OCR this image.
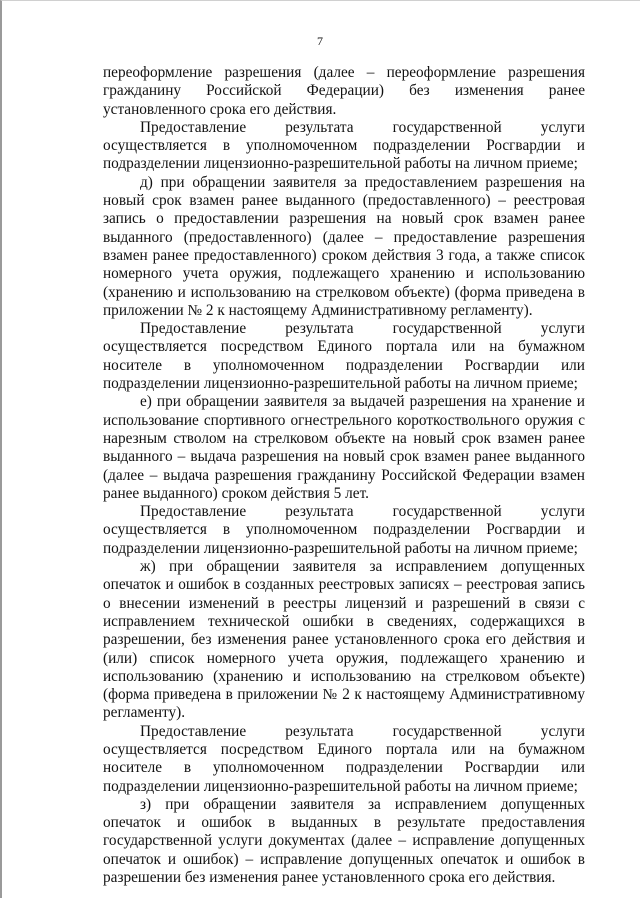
7

переоформление разрешения (далее – переоформление разрешения гражданину Российской Федерации) без изменения ранее установленного срока его действия.

Предоставление результата государственной услуги осуществляется в уполномоченном подразделении Росгвардии и подразделении лицензионно-разрешительной работы на личном приеме;

д) при обращении заявителя за предоставлением разрешения на новый срок взамен ранее выданного (предоставленного) – реестровая запись о предоставлении разрешения на новый срок взамен ранее выданного (предоставленного) (далее – предоставление разрешения взамен ранее предоставленного) сроком действия 3 года, а также список номерного учета оружия, подлежащего хранению и использованию (хранению и использованию на стрелковом объекте) (форма приведена в приложении № 2 к настоящему Административному регламенту).

Предоставление результата государственной услуги осуществляется посредством Единого портала или на бумажном носителе в уполномоченном подразделении Росгвардии или подразделении лицензионно-разрешительной работы на личном приеме;

е) при обращении заявителя за выдачей разрешения на хранение и использование спортивного огнестрельного короткоствольного оружия с нарезным стволом на стрелковом объекте на новый срок взамен ранее выданного – выдача разрешения на новый срок взамен ранее выданного (далее – выдача разрешения гражданину Российской Федерации взамен ранее выданного) сроком действия 5 лет.

Предоставление результата государственной услуги осуществляется в уполномоченном подразделении Росгвардии и подразделении лицензионно-разрешительной работы на личном приеме;

ж) при обращении заявителя за исправлением допущенных опечаток и ошибок в созданных реестровых записях – реестровая запись о внесении изменений в реестры лицензий и разрешений в связи с исправлением технической ошибки в сведениях, содержащихся в разрешении, без изменения ранее установленного срока его действия и (или) список номерного учета оружия, подлежащего хранению и использованию (хранению и использованию на стрелковом объекте) (форма приведена в приложении № 2 к настоящему Административному регламенту).

Предоставление результата государственной услуги осуществляется посредством Единого портала или на бумажном носителе в уполномоченном подразделении Росгвардии или подразделении лицензионно-разрешительной работы на личном приеме;

з) при обращении заявителя за исправлением допущенных опечаток и ошибок в выданных в результате предоставления государственной услуги документах (далее – исправление допущенных опечаток и ошибок) – исправление допущенных опечаток и ошибок в разрешении без изменения ранее установленного срока его действия.
